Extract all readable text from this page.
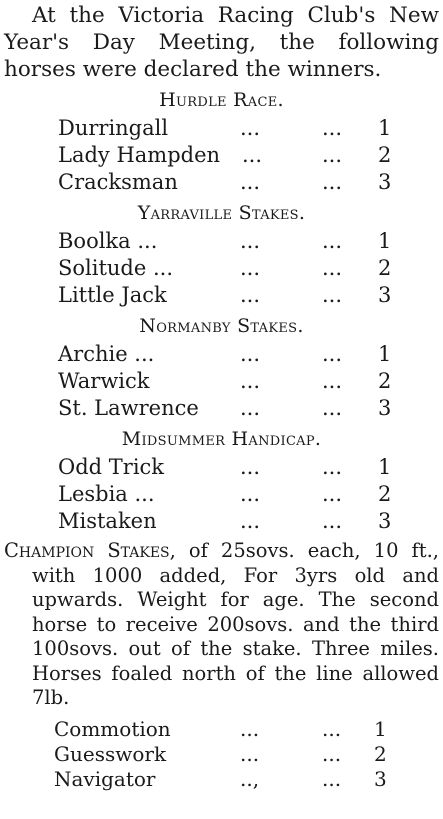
At the Victoria Racing Club's New Year's Day Meeting, the following horses were declared the winners.

Hurdle Race.
Durringall	...	... 1
Lady Hampden ...	... 2
Cracksman	...	... 3
Yarraville Stakes.
Boolka ...	...	... 1
Solitude ...	...	... 2
Little Jack	...	... 3
Normanby Stakes.
Archie ...	...	... 1
Warwick	...	... 2
St. Lawrence ...	... 3
Midsummer Handicap.
Odd Trick	...	... 1
Lesbia ...	...	... 2
Mistaken	...	... 3

Champion Stakes, of 25sovs. each, 10 ft., with 1000 added, For 3yrs old and upwards. Weight for age. The second horse to receive 200sovs. and the third 100sovs. out of the stake. Three miles. Horses foaled north of the line allowed 7lb.

Commotion	...	... 1
Guesswork	...	... 2
Navigator	..,	... 3
